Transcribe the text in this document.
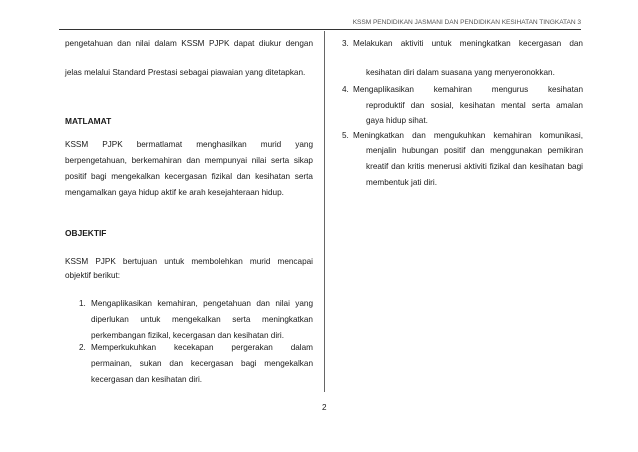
KSSM PENDIDIKAN JASMANI DAN PENDIDIKAN KESIHATAN TINGKATAN 3
pengetahuan dan nilai dalam KSSM PJPK dapat diukur dengan
jelas melalui Standard Prestasi sebagai piawaian yang ditetapkan.
MATLAMAT
KSSM PJPK bermatlamat menghasilkan murid yang
berpengetahuan, berkemahiran dan mempunyai nilai serta sikap
positif bagi mengekalkan kecergasan fizikal dan kesihatan serta
mengamalkan gaya hidup aktif ke arah kesejahteraan hidup.
OBJEKTIF
KSSM PJPK bertujuan untuk membolehkan murid mencapai
objektif berikut:
1. Mengaplikasikan kemahiran, pengetahuan dan nilai yang
diperlukan untuk mengekalkan serta meningkatkan
perkembangan fizikal, kecergasan dan kesihatan diri.
2. Memperkukuhkan kecekapan pergerakan dalam
permainan, sukan dan kecergasan bagi mengekalkan
kecergasan dan kesihatan diri.
3. Melakukan aktiviti untuk meningkatkan kecergasan dan
kesihatan diri dalam suasana yang menyeronokkan.
4. Mengaplikasikan kemahiran mengurus kesihatan
reproduktif dan sosial, kesihatan mental serta amalan
gaya hidup sihat.
5. Meningkatkan dan mengukuhkan kemahiran komunikasi,
menjalin hubungan positif dan menggunakan pemikiran
kreatif dan kritis menerusi aktiviti fizikal dan kesihatan bagi
membentuk jati diri.
2
